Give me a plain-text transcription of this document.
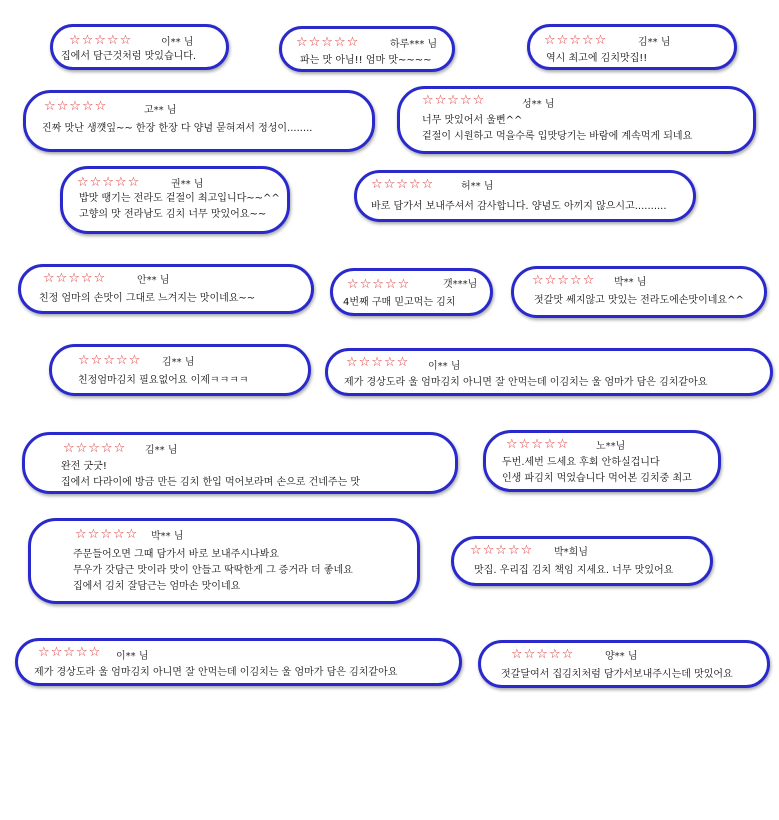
☆☆☆☆☆	이** 님
집에서 담근것처럼 맛있습니다.
☆☆☆☆☆	하루*** 님
파는 맛 아님!! 엄마 맛~~~~
☆☆☆☆☆	김** 님
역시 최고에 김치맛집!!
☆☆☆☆☆	고** 님
진짜 맛난 생꺳잎~~ 한장 한장 다 양념 묻혀져서 정성이........
☆☆☆☆☆	성** 님
너무 맛있어서 울뻔^^
겉절이 시원하고 먹을수록 입맛당기는 바람에 계속먹게 되네요
☆☆☆☆☆	권** 님
밥맛 땡기는 전라도 겉절이 최고입니다~~^^
고향의 맛 전라남도 김치 너무 맛있어요~~
☆☆☆☆☆	허** 님
바로 담가서 보내주셔서 감사합니다. 양념도 아끼지 않으시고..........
☆☆☆☆☆	안** 님
친정 엄마의 손맛이 그대로 느겨지는 맛이네요~~
☆☆☆☆☆	갯***님
4번째 구매 믿고먹는 김치
☆☆☆☆☆ 박** 님
젓갈맛 쎄지않고 맛있는 전라도에손맛이네요^^
☆☆☆☆☆ 김** 님
친정엄마김치 필요없어요 이제ㅋㅋㅋㅋ
☆☆☆☆☆ 이** 님
제가 경상도라 울 엄마김치 아니면 잘 안먹는데 이김치는 울 엄마가 담은 김치같아요
☆☆☆☆☆ 김** 님
완전 굿굿!
집에서 다라이에 방금 만든 김치 한입 먹어보라며 손으로 건네주는 맛
☆☆☆☆☆	노**님
두번.세번 드세요 후회 안하실겁니다
인생 파김치 먹었습니다 먹어본 김치중 최고
☆☆☆☆☆ 박** 님
주문들어오면 그때 담가서 바로 보내주시나봐요
무우가 갓담근 맛이라 맛이 안들고 딱딱한게 그 증거라 더 좋네요
집에서 김치 잘담근는 엄마손 맛이네요
☆☆☆☆☆ 박*희님
맛집. 우리집 김치 책임 지세요. 너무 맛있어요
☆☆☆☆☆ 이** 님
제가 경상도라 울 엄마김치 아니면 잘 안먹는데 이김치는 울 엄마가 담은 김치같아요
☆☆☆☆☆	양** 님
젓갈달여서 집김치처럼 담가서보내주시는데 맛있어요
